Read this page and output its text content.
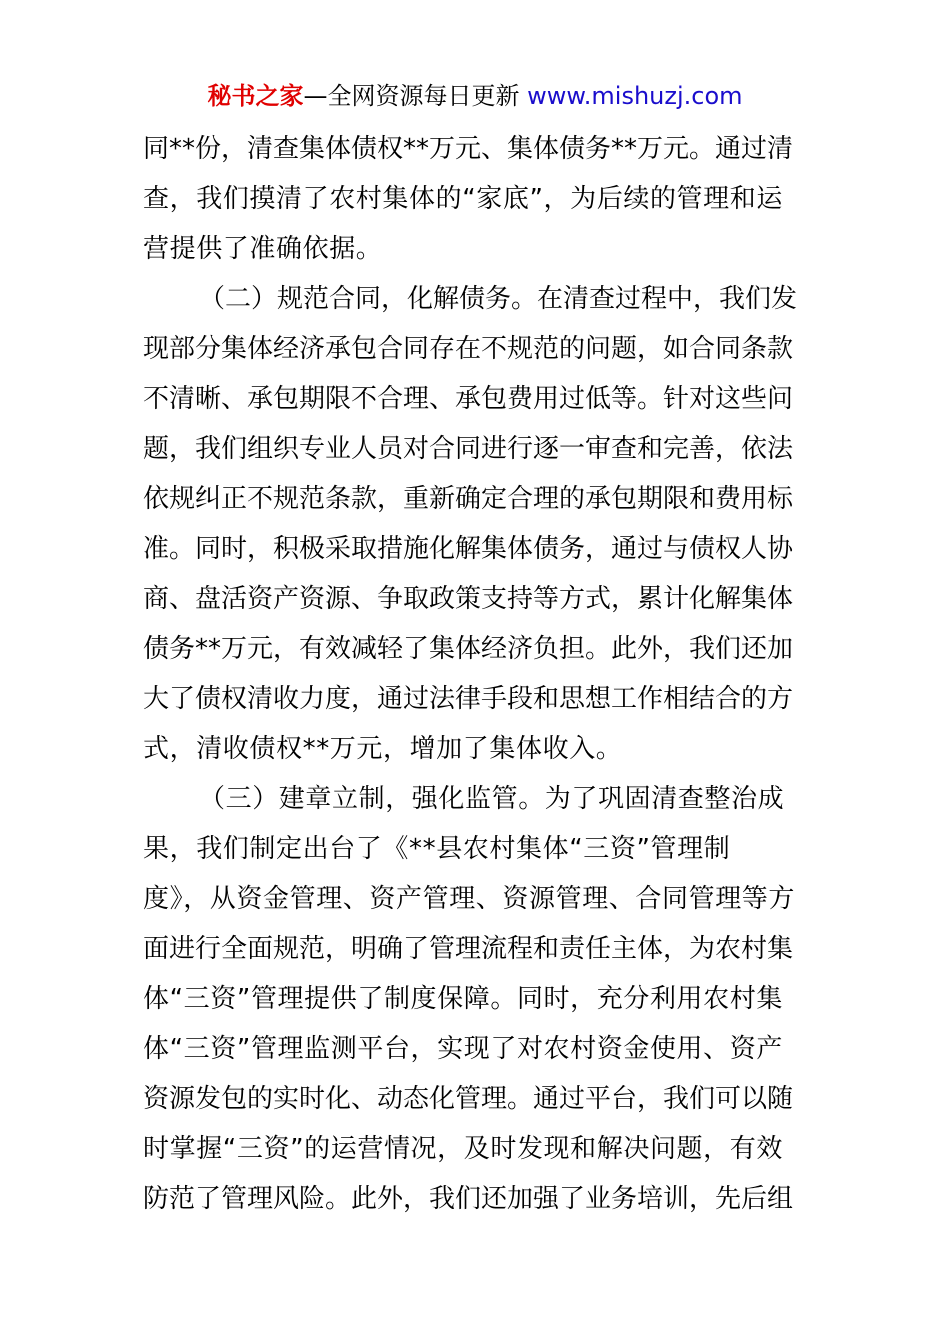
秘书之家—全网资源每日更新 www.mishuzj.com
同**份，清查集体债权**万元、集体债务**万元。通过清
查，我们摸清了农村集体的“家底”，为后续的管理和运
营提供了准确依据。
（二）规范合同，化解债务。在清查过程中，我们发
现部分集体经济承包合同存在不规范的问题，如合同条款
不清晰、承包期限不合理、承包费用过低等。针对这些问
题，我们组织专业人员对合同进行逐一审查和完善，依法
依规纠正不规范条款，重新确定合理的承包期限和费用标
准。同时，积极采取措施化解集体债务，通过与债权人协
商、盘活资产资源、争取政策支持等方式，累计化解集体
债务**万元，有效减轻了集体经济负担。此外，我们还加
大了债权清收力度，通过法律手段和思想工作相结合的方
式，清收债权**万元，增加了集体收入。
（三）建章立制，强化监管。为了巩固清查整治成
果，我们制定出台了《**县农村集体“三资”管理制
度》，从资金管理、资产管理、资源管理、合同管理等方
面进行全面规范，明确了管理流程和责任主体，为农村集
体“三资”管理提供了制度保障。同时，充分利用农村集
体“三资”管理监测平台，实现了对农村资金使用、资产
资源发包的实时化、动态化管理。通过平台，我们可以随
时掌握“三资”的运营情况，及时发现和解决问题，有效
防范了管理风险。此外，我们还加强了业务培训，先后组
